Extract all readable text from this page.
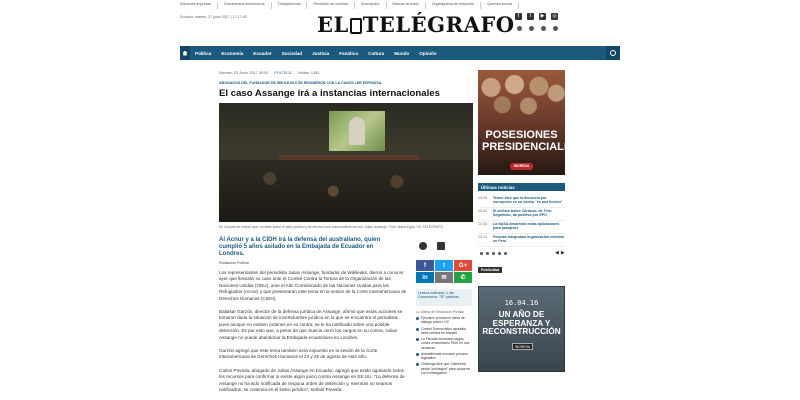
Ediciones impresas	Documentos electrónicos	Transparencia	Rendición de cuentas	Suscripción	Manual de estilo	Organigrama de redacción	Quiénes somos
Ecuador, martes, 27 junio 2017 | 17:17:40	EL TELÉGRAFO f	t	▶	◎
Política	Economía	Ecuador	Sociedad	Justicia	Fanático	Cultura	Mundo	Opinión
Viernes, 23 Junio 2017 00:00 POLÍTICA Visitas: 1383
ABOGADOS DEL FUNDADOR DE WIKILEAKS SE REUNIERON CON LA CANCILLER ESPINOSA
El caso Assange irá a instancias internacionales
En Cinquet se realizó ayer un taller sobre el asilo político y se efectuó una videoconferencia con Julian Assange. Foto: María Egas / EL TELÉGRAFO
Al Acnur y a la CIDH irá la defensa del australiano, quien cumplió 5 años asilado en la Embajada de Ecuador en Londres.
Redacción Política

Los representantes del periodista Julian Assange, fundador de Wikileaks, dieron a conocer ayer que llevarán su caso ante el Comité Contra la Tortura de la Organización de las Naciones Unidas (ONU), ante el Alto Comisionado de las Naciones Unidas para los Refugiados (Acnur) y que presentarán este tema en la sesión de la Corte Interamericana de Derechos Humanos (CIDH).

Baltasar Garzón, director de la defensa jurídica de Assange, afirmó que estas acciones se tomaron dada la situación de incertidumbre jurídica en la que se encuentra el periodista, pues aunque no existen órdenes en su contra, se le ha notificado sobre una posible detención. Es por esto que, a pesar de que Suecia cerró los cargos en su contra, Julian Assange no puede abandonar la Embajada ecuatoriana en Londres.

Garzón agregó que este tema también será expuesto en la sesión de la Corte Interamericana de Derechos Humanos el 24 y 25 de agosto de este año.

Carlos Poveda, abogado de Julian Assange en Ecuador, agregó que están agotando todos los recursos para confirmar si existe algún juicio contra Assange en EE.UU. "La defensa de Assange no ha sido notificada de ninguna orden de detención y, mientras no seamos notificados, se continúa en el limbo jurídico", señaló Poveda.

f	t	G+
in	✉	✆
Lectura estimada: 4 min
Comentarios: 787 palabras
Lo Último de Redacción Política
Ejecutivo promueve mesa de diálogo sobre LOC
Control Democrático apuntala labor política en Manabí
La Fiscalía formulará cargos contra exsecretario PAIS en dos semanas
Asambleístas conocen proceso legislativo
Chiriboga dice que Odebrecht pedía "privilegios" para cooperar con investigación
POSESIONES PRESIDENCIALES
INGRESA
Últimas noticias
14:25	Temer dice que la denuncia por corrupción en su contra "es una ficción"
13:42	El ciclista André Cardoso, de Trek-Segafredo, da positivo por EPO
13:33	La NASA desarrolla estas aplicaciones para pasajeros
13:13	Policías integraban organización criminal en Perú
◀ ▶
Publicidad
16.04.16
UN AÑO DE ESPERANZA Y RECONSTRUCCIÓN
INGRESA
